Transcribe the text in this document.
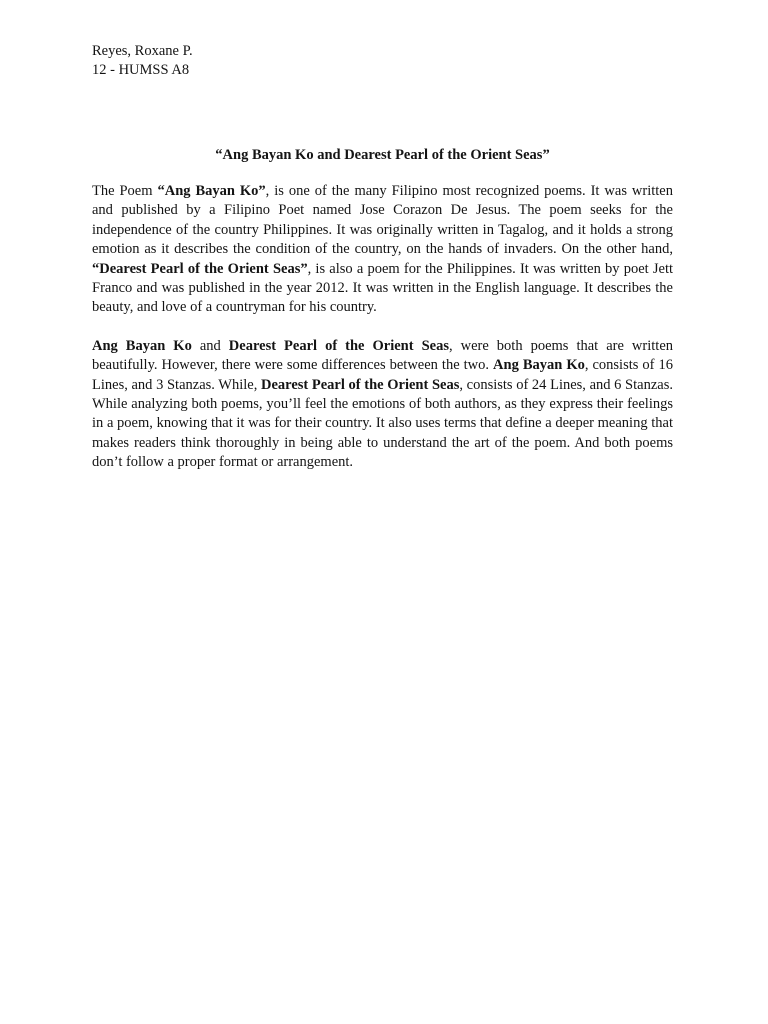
Reyes, Roxane P.

12 - HUMSS A8

“Ang Bayan Ko and Dearest Pearl of the Orient Seas”

The Poem “Ang Bayan Ko”, is one of the many Filipino most recognized poems. It was written and published by a Filipino Poet named Jose Corazon De Jesus. The poem seeks for the independence of the country Philippines. It was originally written in Tagalog, and it holds a strong emotion as it describes the condition of the country, on the hands of invaders. On the other hand, “Dearest Pearl of the Orient Seas”, is also a poem for the Philippines. It was written by poet Jett Franco and was published in the year 2012. It was written in the English language. It describes the beauty, and love of a countryman for his country.

Ang Bayan Ko and Dearest Pearl of the Orient Seas, were both poems that are written beautifully. However, there were some differences between the two. Ang Bayan Ko, consists of 16 Lines, and 3 Stanzas. While, Dearest Pearl of the Orient Seas, consists of 24 Lines, and 6 Stanzas. While analyzing both poems, you’ll feel the emotions of both authors, as they express their feelings in a poem, knowing that it was for their country. It also uses terms that define a deeper meaning that makes readers think thoroughly in being able to understand the art of the poem. And both poems don’t follow a proper format or arrangement.
